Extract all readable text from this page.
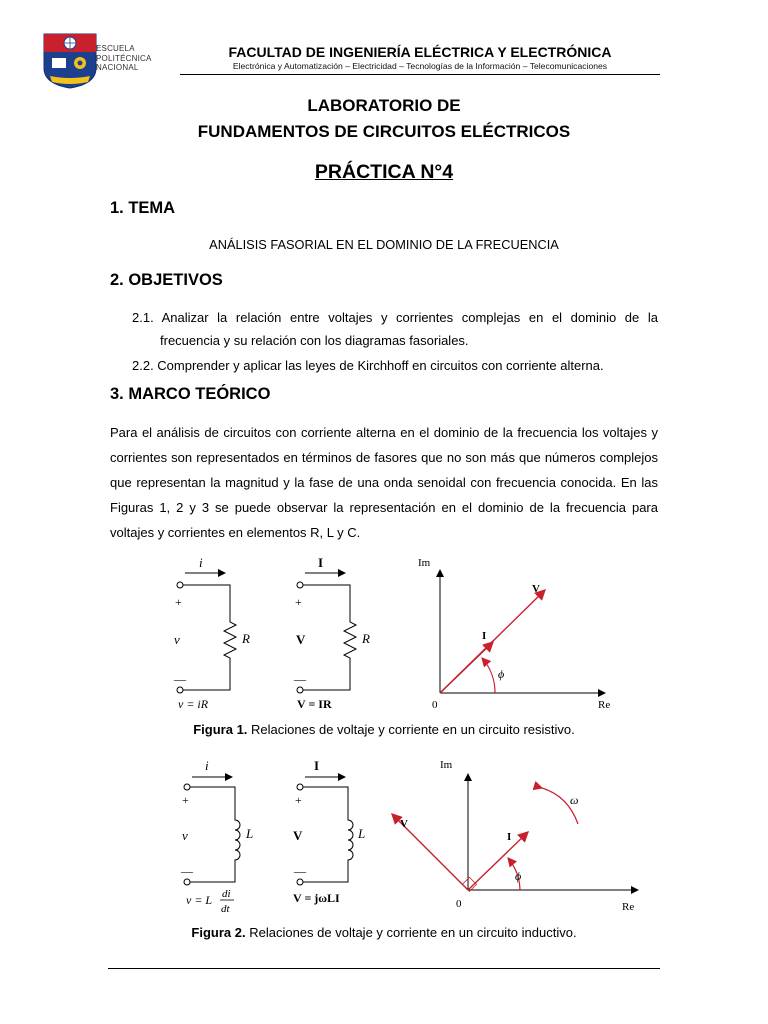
ESCUELA
POLITÉCNICA
NACIONAL
FACULTAD DE INGENIERÍA ELÉCTRICA Y ELECTRÓNICA
Electrónica y Automatización – Electricidad – Tecnologías de la Información – Telecomunicaciones
LABORATORIO DE
FUNDAMENTOS DE CIRCUITOS ELÉCTRICOS
PRÁCTICA N°4
1. TEMA
ANÁLISIS FASORIAL EN EL DOMINIO DE LA FRECUENCIA
2. OBJETIVOS
2.1. Analizar la relación entre voltajes y corrientes complejas en el dominio de la
frecuencia y su relación con los diagramas fasoriales.
2.2. Comprender y aplicar las leyes de Kirchhoff en circuitos con corriente alterna.
3. MARCO TEÓRICO
Para el análisis de circuitos con corriente alterna en el dominio de la frecuencia los voltajes y corrientes son representados en términos de fasores que no son más que números complejos que representan la magnitud y la fase de una onda senoidal con frecuencia conocida. En las Figuras 1, 2 y 3 se puede observar la representación en el dominio de la frecuencia para voltajes y corrientes en elementos R, L y C.
i
+
—
v	R
v = iR
I
+
—
V	R
V = IR
Im
Re
0
V
I
ϕ
Figura 1. Relaciones de voltaje y corriente en un circuito resistivo.
i
+
—
v	L
v = L di
dt
I
+
—
V	L
V = jωLI
Im
Re
0
V
I
ϕ
ω
Figura 2. Relaciones de voltaje y corriente en un circuito inductivo.
